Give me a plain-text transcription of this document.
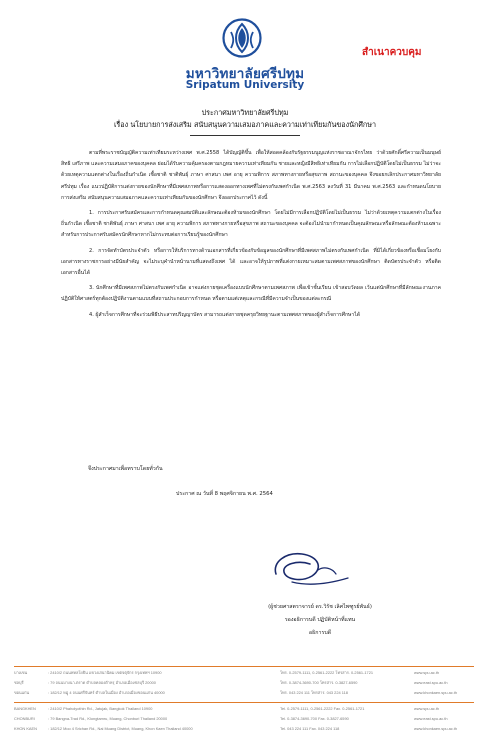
มหาวิทยาลัยศรีปทุม
Sripatum University
สำเนาควบคุม
ประกาศมหาวิทยาลัยศรีปทุม
เรื่อง นโยบายการส่งเสริม สนับสนุนความเสมอภาคและความเท่าเทียมกันของนักศึกษา

ตามที่พระราชบัญญัติความเท่าเทียมระหว่างเพศ พ.ศ.2558 ได้บัญญัติขึ้น เพื่อให้สอดคล้องกับรัฐธรรมนูญแห่งราชอาณาจักรไทย ว่าด้วยศักดิ์ศรีความเป็นมนุษย์ สิทธิ เสรีภาพ และความเสมอภาคของบุคคล ย่อมได้รับความคุ้มครองตามกฎหมายความเท่าเทียมกัน ชายและหญิงมีสิทธิเท่าเทียมกัน การไม่เลือกปฏิบัติโดยไม่เป็นธรรม ไม่ว่าจะด้วยเหตุความแตกต่างในเรื่องถิ่นกำเนิด เชื้อชาติ ชาติพันธุ์ ภาษา ศาสนา เพศ อายุ ความพิการ สภาพทางกายหรือสุขภาพ สถานะของบุคคล จึงขอยกเลิกประกาศมหาวิทยาลัยศรีปทุม เรื่อง แนวปฏิบัติการแต่งกายของนักศึกษาที่มีเพศสภาพหรือการแสดงออกทางเพศที่ไม่ตรงกับเพศกำเนิด พ.ศ.2563 ลงวันที่ 31 มีนาคม พ.ศ.2563 และกำหนดนโยบายการส่งเสริม สนับสนุนความเสมอภาคและความเท่าเทียมกันของนักศึกษา จึงออกประกาศไว้ ดังนี้

1. การประกาศรับสมัครและการกำหนดคุณสมบัติและลักษณะต้องห้ามของนักศึกษา โดยไม่มีการเลือกปฏิบัติโดยไม่เป็นธรรม ไม่ว่าด้วยเหตุความแตกต่างในเรื่อง ถิ่นกำเนิด เชื้อชาติ ชาติพันธุ์ ภาษา ศาสนา เพศ อายุ ความพิการ สภาพทางกายหรือสุขภาพ สถานะของบุคคล จะต้องไม่นำมากำหนดเป็นคุณลักษณะหรือลักษณะต้องห้ามเฉพาะ สำหรับการประกาศรับสมัครนักศึกษาหากไม่กระทบต่อการเรียนรู้ของนักศึกษา

2. การจัดทำบัตรประจำตัว หรือการให้บริการทางด้านเอกสารที่เกี่ยวข้องกับข้อมูลของนักศึกษาที่มีเพศสภาพไม่ตรงกับเพศกำเนิด ที่มิได้เกี่ยวข้องหรือเชื่อมโยงกับเอกสารทางราชการอย่างมีนัยสำคัญ จะไม่ระบุคำนำหน้านามที่แสดงถึงเพศ ได้ และอาจให้รูปภาพที่แต่งกายเหมาะสมตามเพศสภาพของนักศึกษา ติดบัตรประจำตัว หรือติดเอกสารอื่นได้

3. นักศึกษาที่มีเพศสภาพไม่ตรงกับเพศกำเนิด อาจแต่งกายชุดเครื่องแบบนักศึกษาตามเพศสภาพ เพื่อเข้าชั้นเรียน เข้าสอบวัดผล เว้นแต่นักศึกษาที่มีลักษณะงานภาคปฏิบัติให้ศาสตร์ทุกต้องปฏิบัติงานตามแบบที่สถานประกอบการกำหนด หรือตามแต่เหตุและกรณีที่มีความจำเป็นของแต่ละกรณี

4. ผู้สำเร็จการศึกษาที่จะร่วมพิธีประสาทปริญญาบัตร สามารถแต่งกายชุดครุยวิทยฐานะตามเพศสภาพของผู้สำเร็จการศึกษาได้

จึงประกาศมาเพื่อทราบโดยทั่วกัน
ประกาศ ณ วันที่ 8 พฤศจิกายน พ.ศ. 2564
(ผู้ช่วยศาสตราจารย์ ดร.วิรัช เลิศไพฑูรย์พันธ์)
รองอธิการบดี ปฏิบัติหน้าที่แทน
อธิการบดี
บางเขน	: 2410/2 ถนนพหลโยธิน แขวงเสนานิคม เขตจตุจักร กรุงเทพฯ 10900	โทร. 0-2579-1111, 0-2561-2222 โทรสาร. 0-2561-1721	www.spu.ac.th
ชลบุรี	: 79 ถนนบางนา-ตราด ตำบลคลองตำหรุ อำเภอเมืองชลบุรี 20000	โทร. 0-3874-3690-700 โทรสาร. 0-3827-6590	www.east.spu.ac.th
ขอนแก่น	: 182/12 หมู่ 4 ถนนศรีจันทร์ ตำบลในเมือง อำเภอเมืองขอนแก่น 40000	โทร. 043 224 111 โทรสาร. 043 224 118	www.khonkaen.spu.ac.th
BANGKHEN	: 2410/2 Phaholyothin Rd., Jatujak, Bangkok Thailand 10900	Tel. 0-2579-1111, 0-2561-2222 Fax. 0-2561-1721	www.spu.ac.th
CHONBURI	: 79 Bangna-Trad Rd., Klongtamru, Muang, Chonburi Thailand 20000	Tel. 0-3874-3690-700 Fax. 0-3827-6590	www.east.spu.ac.th
KHON KAEN	: 182/12 Moo 4 Srichan Rd., Nai Muang District, Muang, Khon Kaen Thailand 40000	Tel. 043 224 111 Fax. 043 224 118	www.khonkaen.spu.ac.th
